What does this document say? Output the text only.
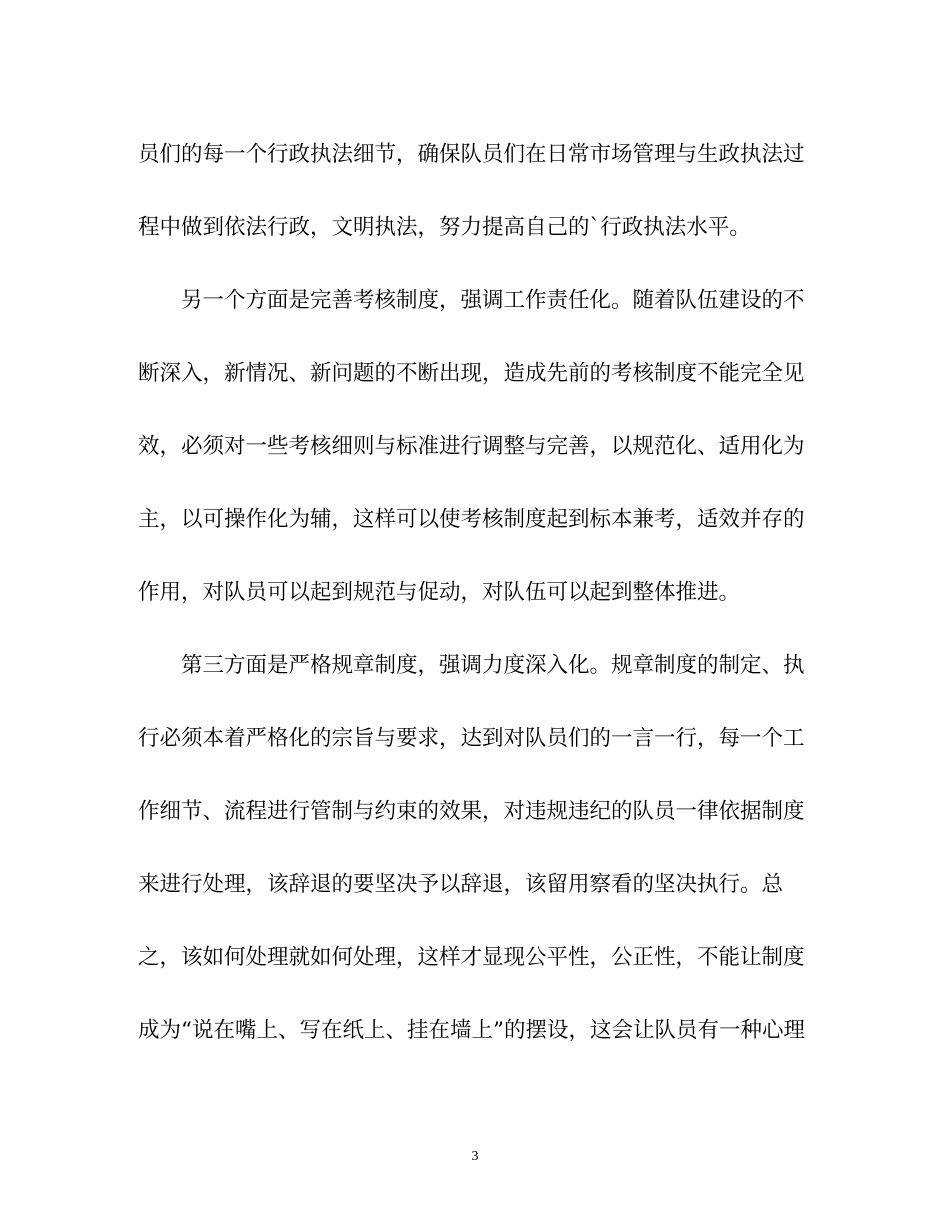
员们的每一个行政执法细节，确保队员们在日常市场管理与生政执法过
程中做到依法行政，文明执法，努力提高自己的`行政执法水平。
　　另一个方面是完善考核制度，强调工作责任化。随着队伍建设的不
断深入，新情况、新问题的不断出现，造成先前的考核制度不能完全见
效，必须对一些考核细则与标准进行调整与完善，以规范化、适用化为
主，以可操作化为辅，这样可以使考核制度起到标本兼考，适效并存的
作用，对队员可以起到规范与促动，对队伍可以起到整体推进。
　　第三方面是严格规章制度，强调力度深入化。规章制度的制定、执
行必须本着严格化的宗旨与要求，达到对队员们的一言一行，每一个工
作细节、流程进行管制与约束的效果，对违规违纪的队员一律依据制度
来进行处理，该辞退的要坚决予以辞退，该留用察看的坚决执行。总
之，该如何处理就如何处理，这样才显现公平性，公正性，不能让制度
成为“说在嘴上、写在纸上、挂在墙上”的摆设，这会让队员有一种心理
3
